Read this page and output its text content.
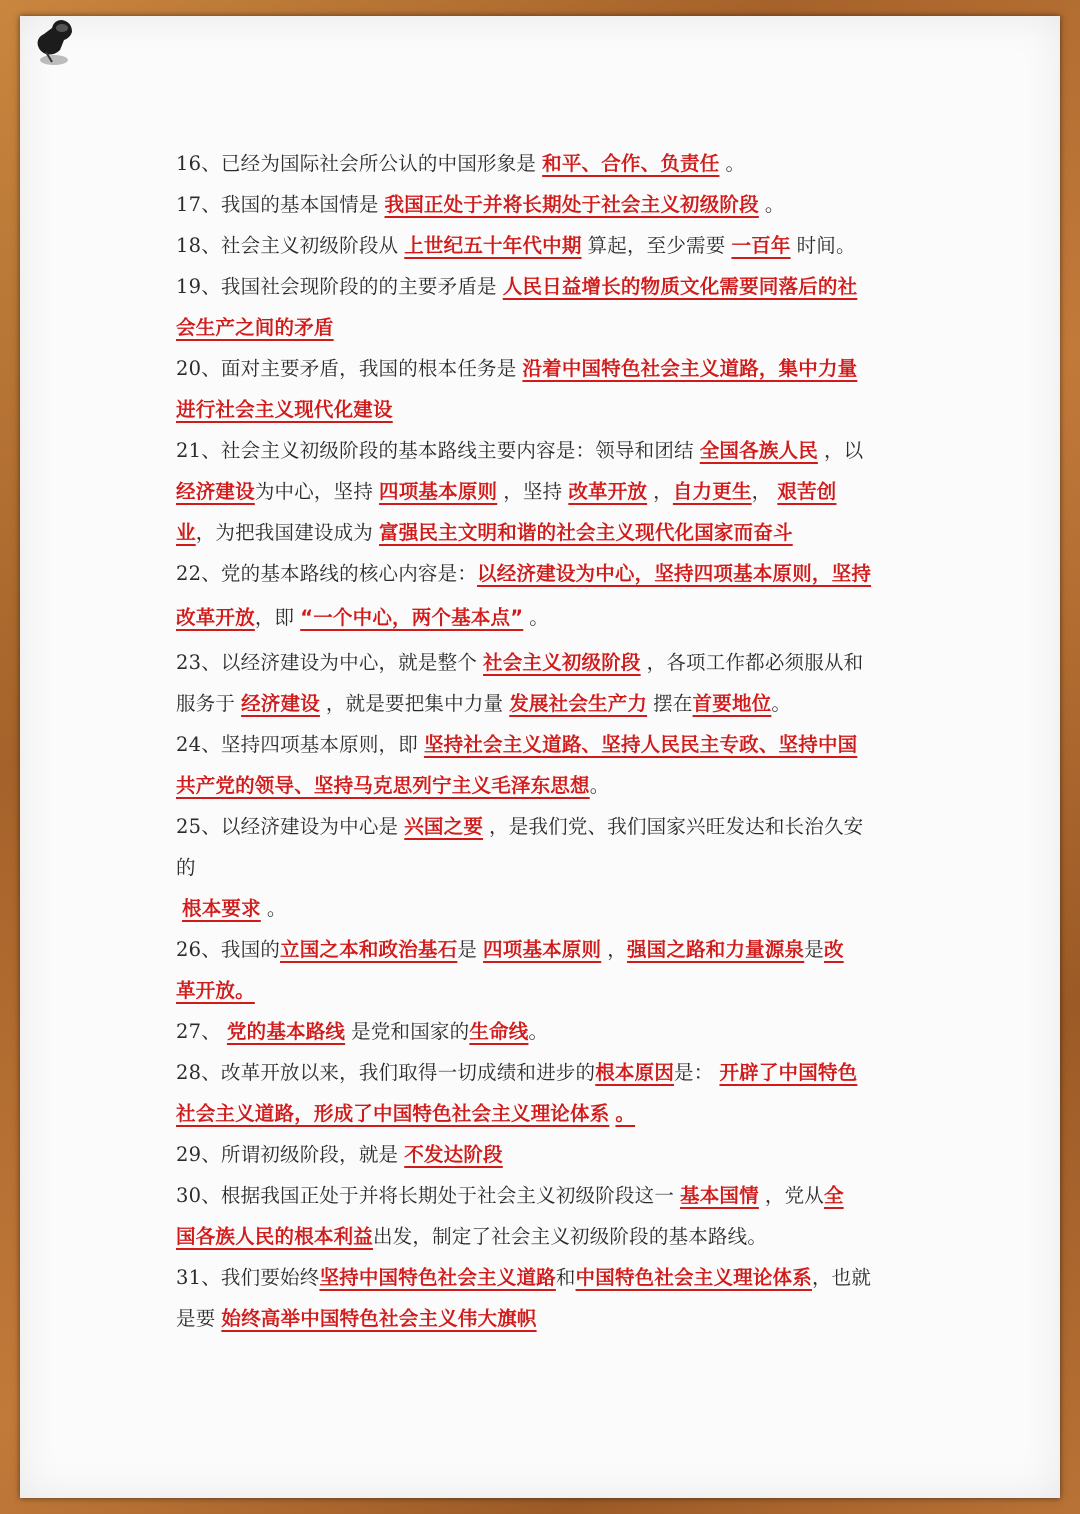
16、已经为国际社会所公认的中国形象是 和平、合作、负责任 。
17、我国的基本国情是 我国正处于并将长期处于社会主义初级阶段 。
18、社会主义初级阶段从 上世纪五十年代中期 算起，至少需要 一百年 时间。
19、我国社会现阶段的的主要矛盾是 人民日益增长的物质文化需要同落后的社
会生产之间的矛盾
20、面对主要矛盾，我国的根本任务是 沿着中国特色社会主义道路，集中力量
进行社会主义现代化建设
21、社会主义初级阶段的基本路线主要内容是：领导和团结 全国各族人民 ，以
经济建设为中心，坚持 四项基本原则 ，坚持 改革开放 ，自力更生， 艰苦创
业，为把我国建设成为 富强民主文明和谐的社会主义现代化国家而奋斗
22、党的基本路线的核心内容是：以经济建设为中心，坚持四项基本原则，坚持
改革开放，即 “一个中心，两个基本点” 。
23、以经济建设为中心，就是整个 社会主义初级阶段 ，各项工作都必须服从和
服务于 经济建设 ，就是要把集中力量 发展社会生产力 摆在首要地位。
24、坚持四项基本原则，即 坚持社会主义道路、坚持人民民主专政、坚持中国
共产党的领导、坚持马克思列宁主义毛泽东思想。
25、以经济建设为中心是 兴国之要 ，是我们党、我们国家兴旺发达和长治久安
的
根本要求 。
26、我国的立国之本和政治基石是 四项基本原则 ，强国之路和力量源泉是改
革开放。
27、 党的基本路线 是党和国家的生命线。
28、改革开放以来，我们取得一切成绩和进步的根本原因是： 开辟了中国特色
社会主义道路，形成了中国特色社会主义理论体系 。
29、所谓初级阶段，就是 不发达阶段
30、根据我国正处于并将长期处于社会主义初级阶段这一 基本国情 ，党从全
国各族人民的根本利益出发，制定了社会主义初级阶段的基本路线。
31、我们要始终坚持中国特色社会主义道路和中国特色社会主义理论体系，也就
是要 始终高举中国特色社会主义伟大旗帜
